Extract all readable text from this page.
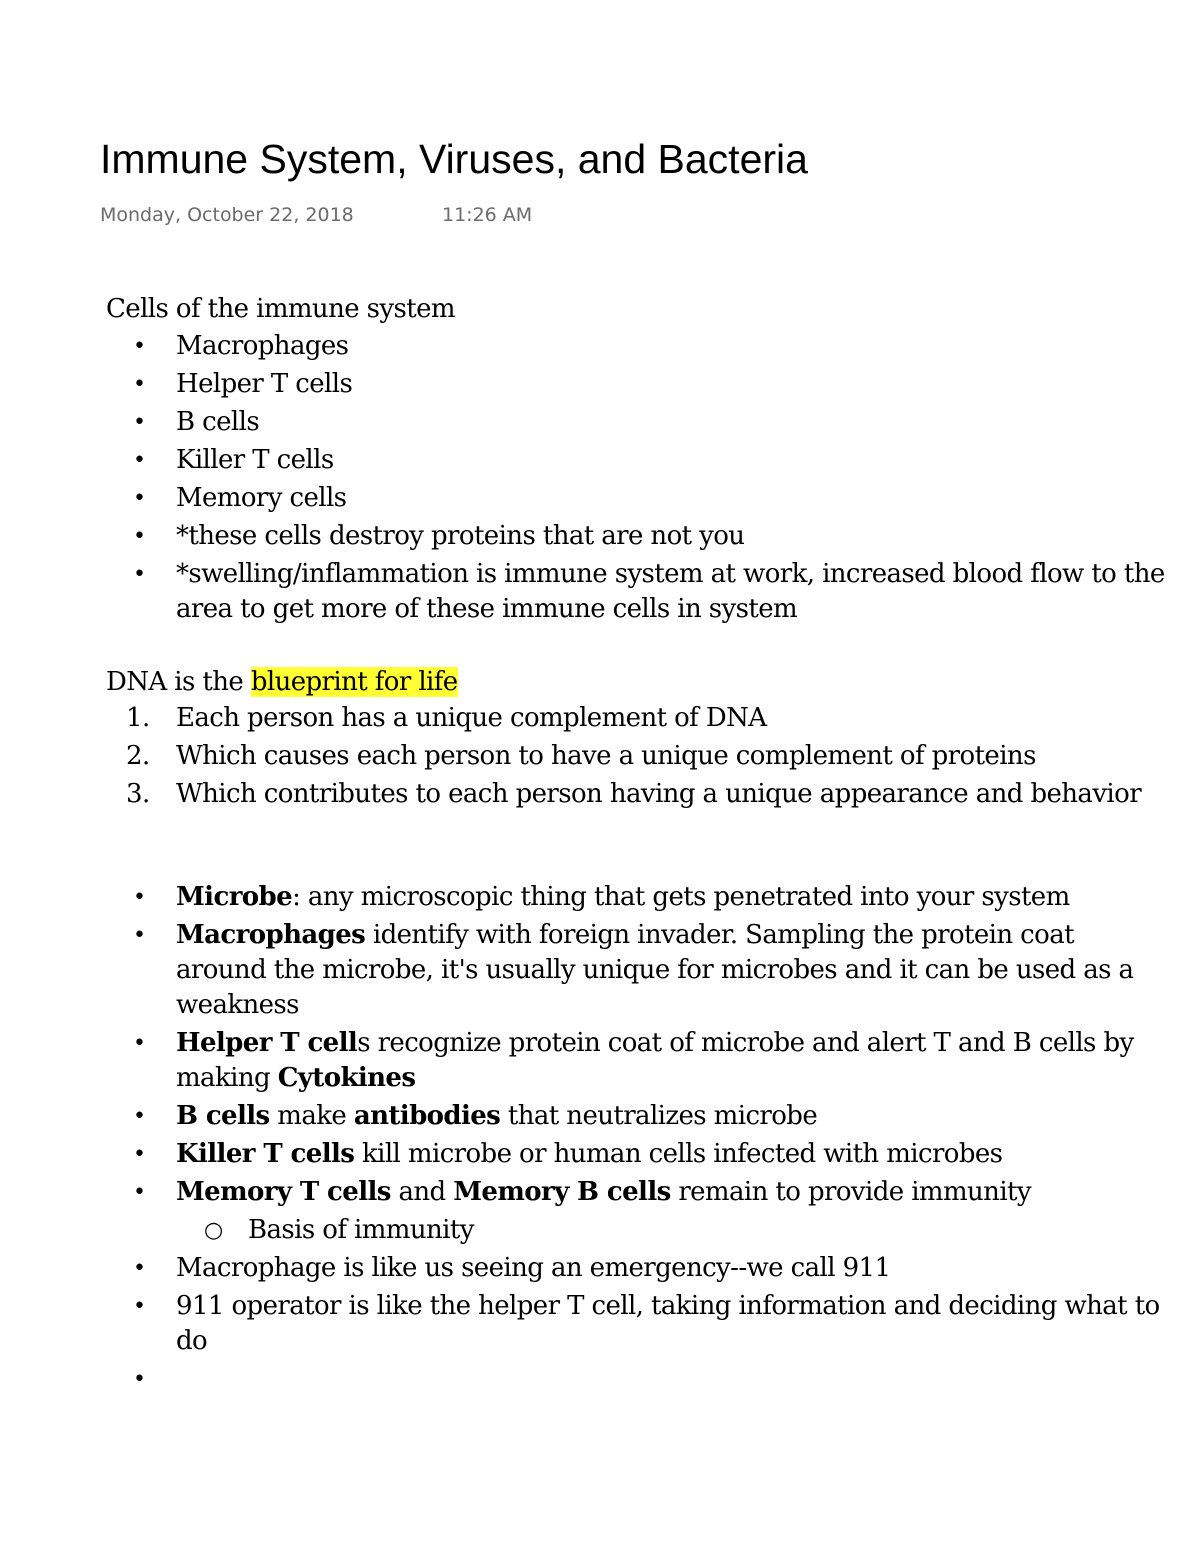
Immune System, Viruses, and Bacteria
Monday, October 22, 2018	11:26 AM
Cells of the immune system
• Macrophages
• Helper T cells
• B cells
• Killer T cells
• Memory cells
• *these cells destroy proteins that are not you
• *swelling/inflammation is immune system at work, increased blood flow to the area to get more of these immune cells in system
DNA is the blueprint for life
1. Each person has a unique complement of DNA
2. Which causes each person to have a unique complement of proteins
3. Which contributes to each person having a unique appearance and behavior
• Microbe: any microscopic thing that gets penetrated into your system
• Macrophages identify with foreign invader. Sampling the protein coat around the microbe, it's usually unique for microbes and it can be used as a weakness
• Helper T cells recognize protein coat of microbe and alert T and B cells by making Cytokines
• B cells make antibodies that neutralizes microbe
• Killer T cells kill microbe or human cells infected with microbes
• Memory T cells and Memory B cells remain to provide immunity
○ Basis of immunity
• Macrophage is like us seeing an emergency--we call 911
• 911 operator is like the helper T cell, taking information and deciding what to do
•
